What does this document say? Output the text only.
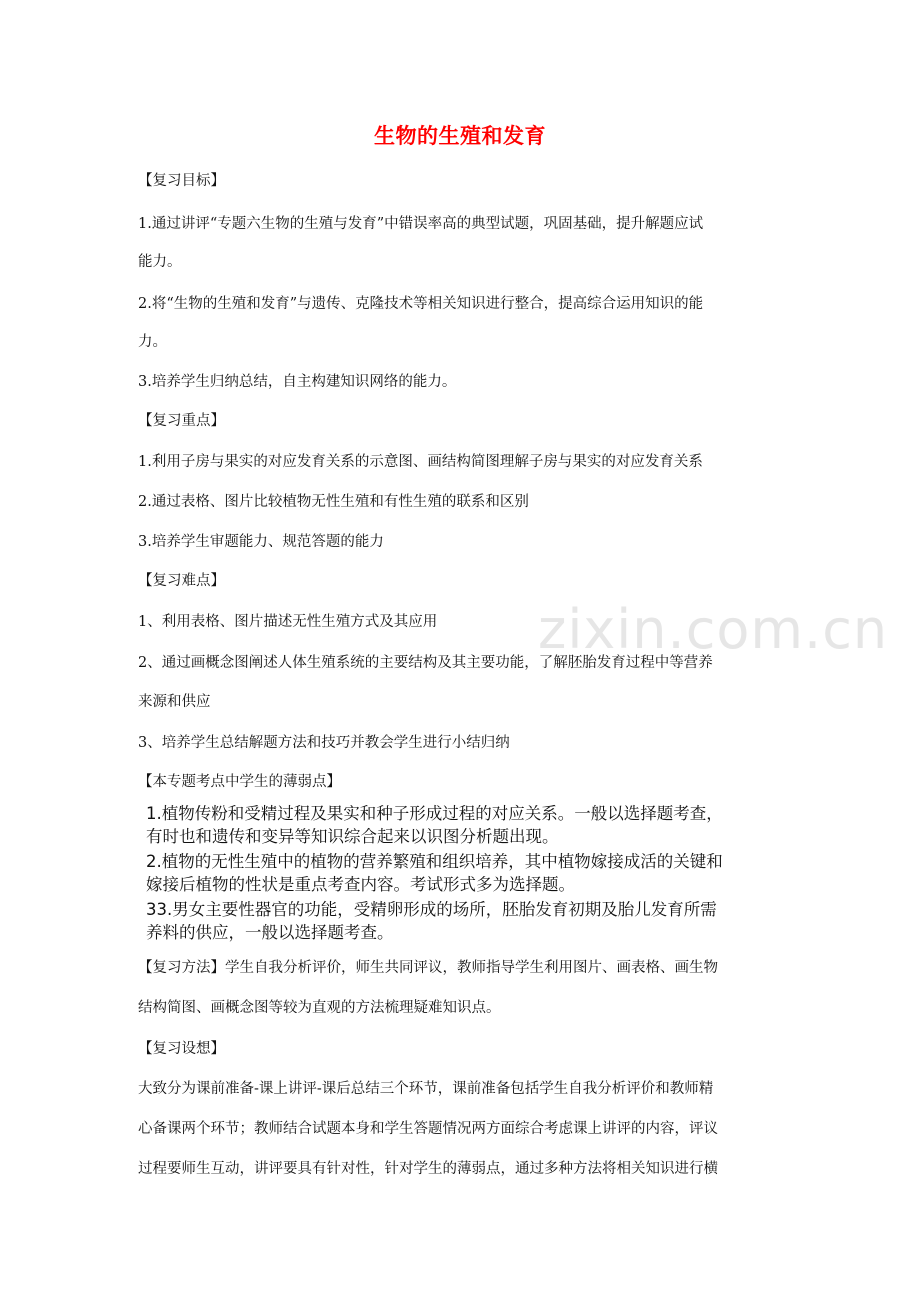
zixin.com.cn
生物的生殖和发育
【复习目标】
1.通过讲评“专题六生物的生殖与发育”中错误率高的典型试题，巩固基础，提升解题应试
能力。
2.将“生物的生殖和发育”与遗传、克隆技术等相关知识进行整合，提高综合运用知识的能
力。
3.培养学生归纳总结，自主构建知识网络的能力。
【复习重点】
1.利用子房与果实的对应发育关系的示意图、画结构简图理解子房与果实的对应发育关系
2.通过表格、图片比较植物无性生殖和有性生殖的联系和区别
3.培养学生审题能力、规范答题的能力
【复习难点】
1、利用表格、图片描述无性生殖方式及其应用
2、通过画概念图阐述人体生殖系统的主要结构及其主要功能，了解胚胎发育过程中等营养
来源和供应
3、培养学生总结解题方法和技巧并教会学生进行小结归纳
【本专题考点中学生的薄弱点】
1.植物传粉和受精过程及果实和种子形成过程的对应关系。一般以选择题考查，
有时也和遗传和变异等知识综合起来以识图分析题出现。
2.植物的无性生殖中的植物的营养繁殖和组织培养，其中植物嫁接成活的关键和
嫁接后植物的性状是重点考查内容。考试形式多为选择题。
33.男女主要性器官的功能，受精卵形成的场所，胚胎发育初期及胎儿发育所需
养料的供应，一般以选择题考查。
【复习方法】学生自我分析评价，师生共同评议，教师指导学生利用图片、画表格、画生物
结构简图、画概念图等较为直观的方法梳理疑难知识点。
【复习设想】
大致分为课前准备-课上讲评-课后总结三个环节，课前准备包括学生自我分析评价和教师精
心备课两个环节；教师结合试题本身和学生答题情况两方面综合考虑课上讲评的内容，评议
过程要师生互动，讲评要具有针对性，针对学生的薄弱点，通过多种方法将相关知识进行横
